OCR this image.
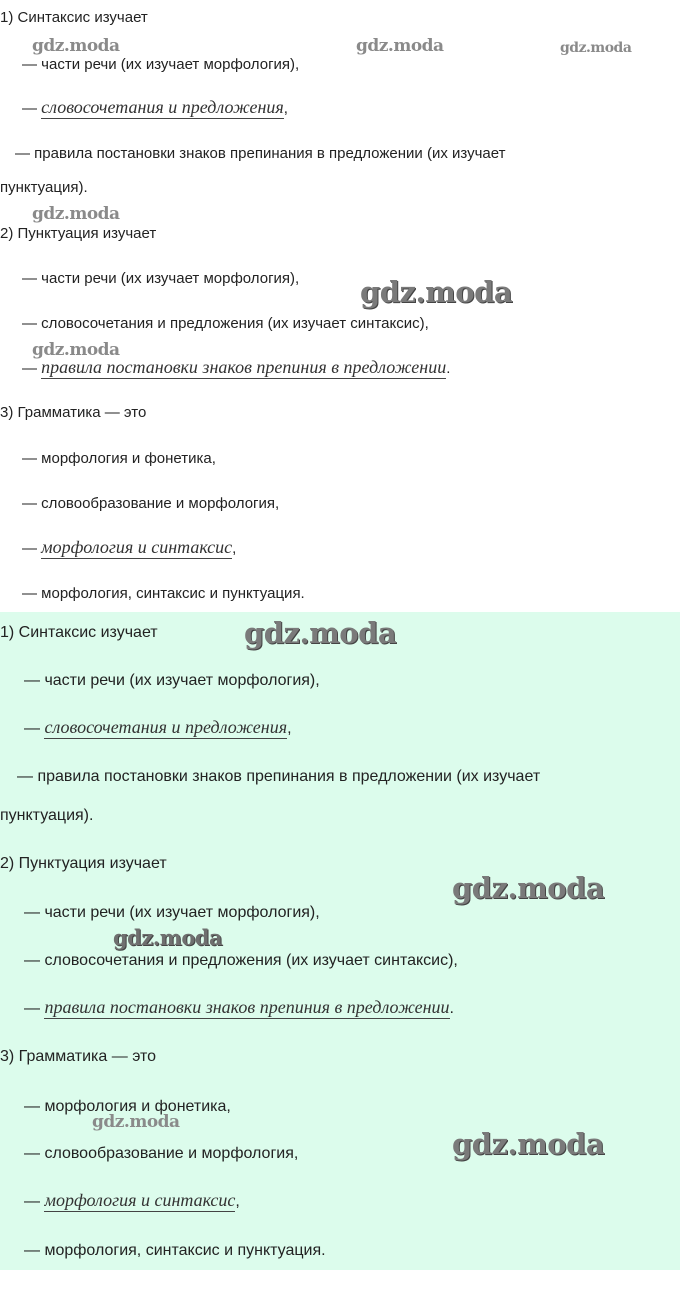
1) Синтаксис изучает
— части речи (их изучает морфология),
— словосочетания и предложения,
— правила постановки знаков препинания в предложении (их изучает
пунктуация).
2) Пунктуация изучает
— части речи (их изучает морфология),
— словосочетания и предложения (их изучает синтаксис),
— правила постановки знаков препиния в предложении.
3) Грамматика — это
— морфология и фонетика,
— словообразование и морфология,
— морфология и синтаксис,
— морфология, синтаксис и пунктуация.
gdz.moda	gdz.moda	gdz.moda
gdz.moda
gdz.moda
gdz.moda
1) Синтаксис изучает
— части речи (их изучает морфология),
— словосочетания и предложения,
— правила постановки знаков препинания в предложении (их изучает
пунктуация).
2) Пунктуация изучает
— части речи (их изучает морфология),
— словосочетания и предложения (их изучает синтаксис),
— правила постановки знаков препиния в предложении.
3) Грамматика — это
— морфология и фонетика,
— словообразование и морфология,
— морфология и синтаксис,
— морфология, синтаксис и пунктуация.
gdz.moda
gdz.moda
gdz.moda
gdz.moda
gdz.moda
